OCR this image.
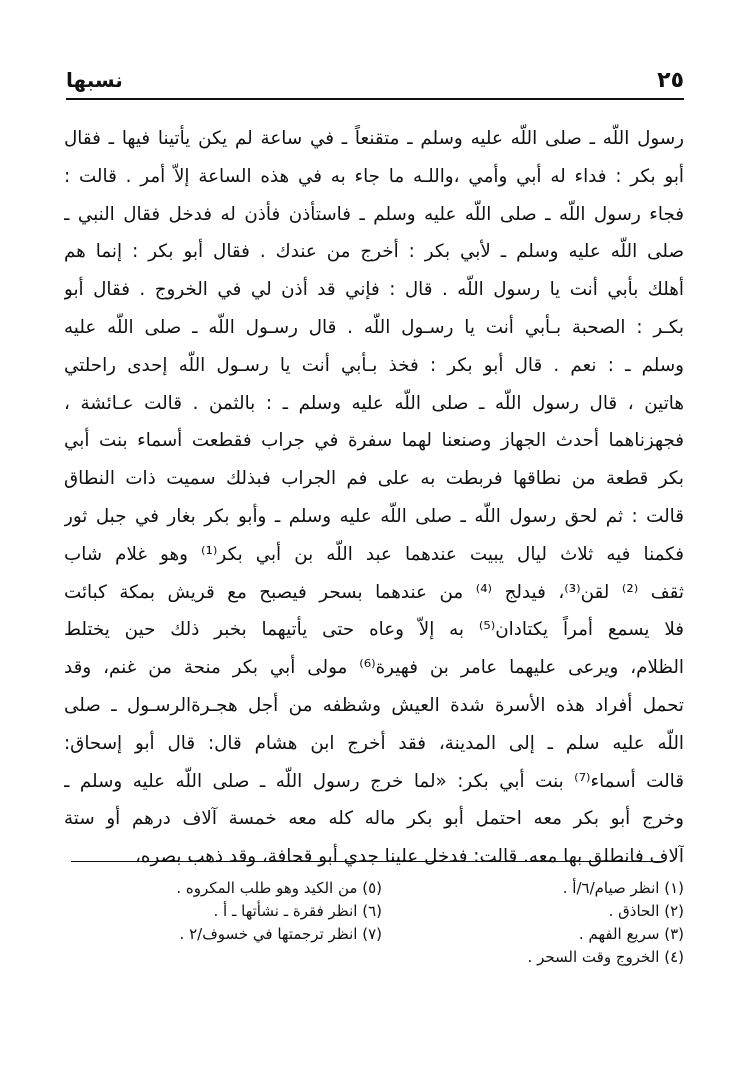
٢٥
نسبها
رسول اللّه ـ صلى اللّه عليه وسلم ـ متقنعاً ـ في ساعة لم يكن يأتينا فيها ـ فقال
أبو بكر : فداء له أبي وأمي ،واللـه ما جاء به في هذه الساعة إلاّ أمر . قالت :
فجاء رسول اللّه ـ صلى اللّه عليه وسلم ـ فاستأذن فأذن له فدخل فقال النبي ـ
صلى اللّه عليه وسلم ـ لأبي بكر : أخرج من عندك . فقال أبو بكر : إنما هم
أهلك بأبي أنت يا رسول اللّه . قال : فإني قد أذن لي في الخروج . فقال أبو
بكـر : الصحبة بـأبي أنت يا رسـول اللّه . قال رسـول اللّه ـ صلى اللّه عليه
وسلم ـ : نعم . قال أبو بكر : فخذ بـأبي أنت يا رسـول اللّه إحدى راحلتي
هاتين ، قال رسول اللّه ـ صلى اللّه عليه وسلم ـ : بالثمن . قالت عـائشة ،
فجهزناهما أحدث الجهاز وصنعنا لهما سفرة في جراب فقطعت أسماء بنت أبي
بكر قطعة من نطاقها فربطت به على فم الجراب فبذلك سميت ذات النطاق
قالت : ثم لحق رسول اللّه ـ صلى اللّه عليه وسلم ـ وأبو بكر بغار في جبل ثور
فكمنا فيه ثلاث ليال يبيت عندهما عبد اللّه بن أبي بكر⁽¹⁾ وهو غلام شاب
ثقف ⁽²⁾ لقن⁽³⁾، فيدلج ⁽⁴⁾ من عندهما بسحر فيصبح مع قريش بمكة كبائت
فلا يسمع أمراً يكتادان⁽⁵⁾ به إلاّ وعاه حتى يأتيهما بخبر ذلك حين يختلط
الظلام، ويرعى عليهما عامر بن فهيرة⁽⁶⁾ مولى أبي بكر منحة من غنم، وقد
تحمل أفراد هذه الأسرة شدة العيش وشظفه من أجل هجـرةالرسـول ـ صلى
اللّه عليه سلم ـ إلى المدينة، فقد أخرج ابن هشام قال: قال أبو إسحاق:
قالت أسماء⁽⁷⁾ بنت أبي بكر: «لما خرج رسول اللّه ـ صلى اللّه عليه وسلم ـ
وخرج أبو بكر معه احتمل أبو بكر ماله كله معه خمسة آلاف درهم أو ستة
آلاف فانطلق بها معه. قالت: فدخل علينا جدي أبو قحافة، وقد ذهب بصره،
(١) انظر صيام/٦/أ .
(٥) من الكيد وهو طلب المكروه .
(٢) الحاذق .
(٦) انظر فقرة ـ نشأتها ـ أ .
(٣) سريع الفهم .
(٧) انظر ترجمتها في خسوف/٢ .
(٤) الخروج وقت السحر .
